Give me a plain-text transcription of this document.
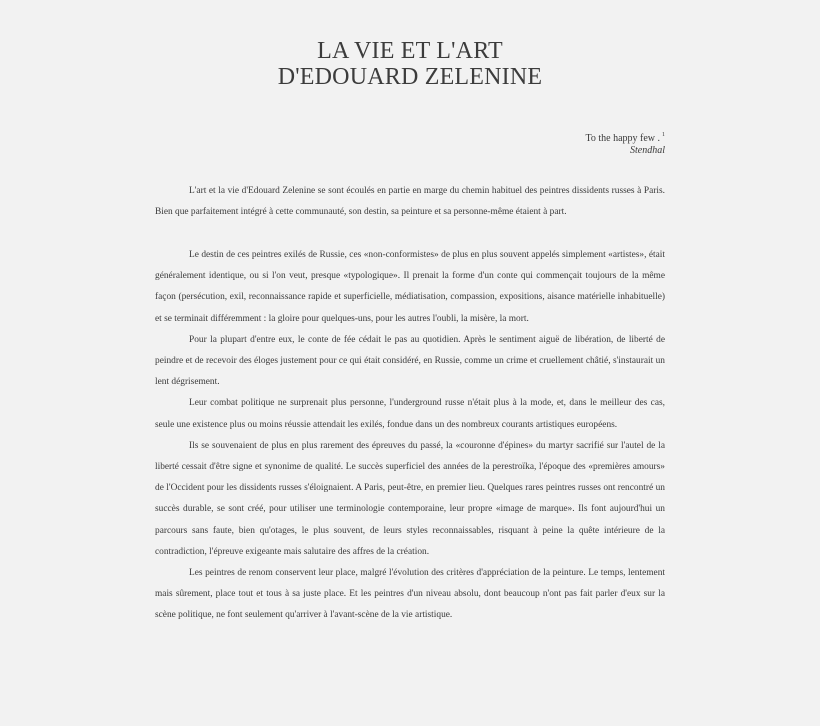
LA VIE ET L'ART
D'EDOUARD ZELENINE
To the happy few . $^1$
Stendhal

L'art et la vie d'Edouard Zelenine se sont écoulés en partie en marge du chemin habituel des peintres dissidents russes à Paris. Bien que parfaitement intégré à cette communauté, son destin, sa peinture et sa personne-même étaient à part.

Le destin de ces peintres exilés de Russie, ces «non-conformistes» de plus en plus souvent appelés simplement «artistes», était généralement identique, ou si l'on veut, presque «typologique». Il prenait la forme d'un conte qui commençait toujours de la même façon (persécution, exil, reconnaissance rapide et superficielle, médiatisation, compassion, expositions, aisance matérielle inhabituelle) et se terminait différemment : la gloire pour quelques-uns, pour les autres l'oubli, la misère, la mort.

Pour la plupart d'entre eux, le conte de fée cédait le pas au quotidien. Après le sentiment aiguë de libération, de liberté de peindre et de recevoir des éloges justement pour ce qui était considéré, en Russie, comme un crime et cruellement châtié, s'instaurait un lent dégrisement.

Leur combat politique ne surprenait plus personne, l'underground russe n'était plus à la mode, et, dans le meilleur des cas, seule une existence plus ou moins réussie attendait les exilés, fondue dans un des nombreux courants artistiques européens.

Ils se souvenaient de plus en plus rarement des épreuves du passé, la «couronne d'épines» du martyr sacrifié sur l'autel de la liberté cessait d'être signe et synonime de qualité. Le succès superficiel des années de la perestroïka, l'époque des «premières amours» de l'Occident pour les dissidents russes s'éloignaient. A Paris, peut-être, en premier lieu. Quelques rares peintres russes ont rencontré un succès durable, se sont créé, pour utiliser une terminologie contemporaine, leur propre «image de marque». Ils font aujourd'hui un parcours sans faute, bien qu'otages, le plus souvent, de leurs styles reconnaissables, risquant à peine la quête intérieure de la contradiction, l'épreuve exigeante mais salutaire des affres de la création.

Les peintres de renom conservent leur place, malgré l'évolution des critères d'appréciation de la peinture. Le temps, lentement mais sûrement, place tout et tous à sa juste place. Et les peintres d'un niveau absolu, dont beaucoup n'ont pas fait parler d'eux sur la scène politique, ne font seulement qu'arriver à l'avant-scène de la vie artistique.
